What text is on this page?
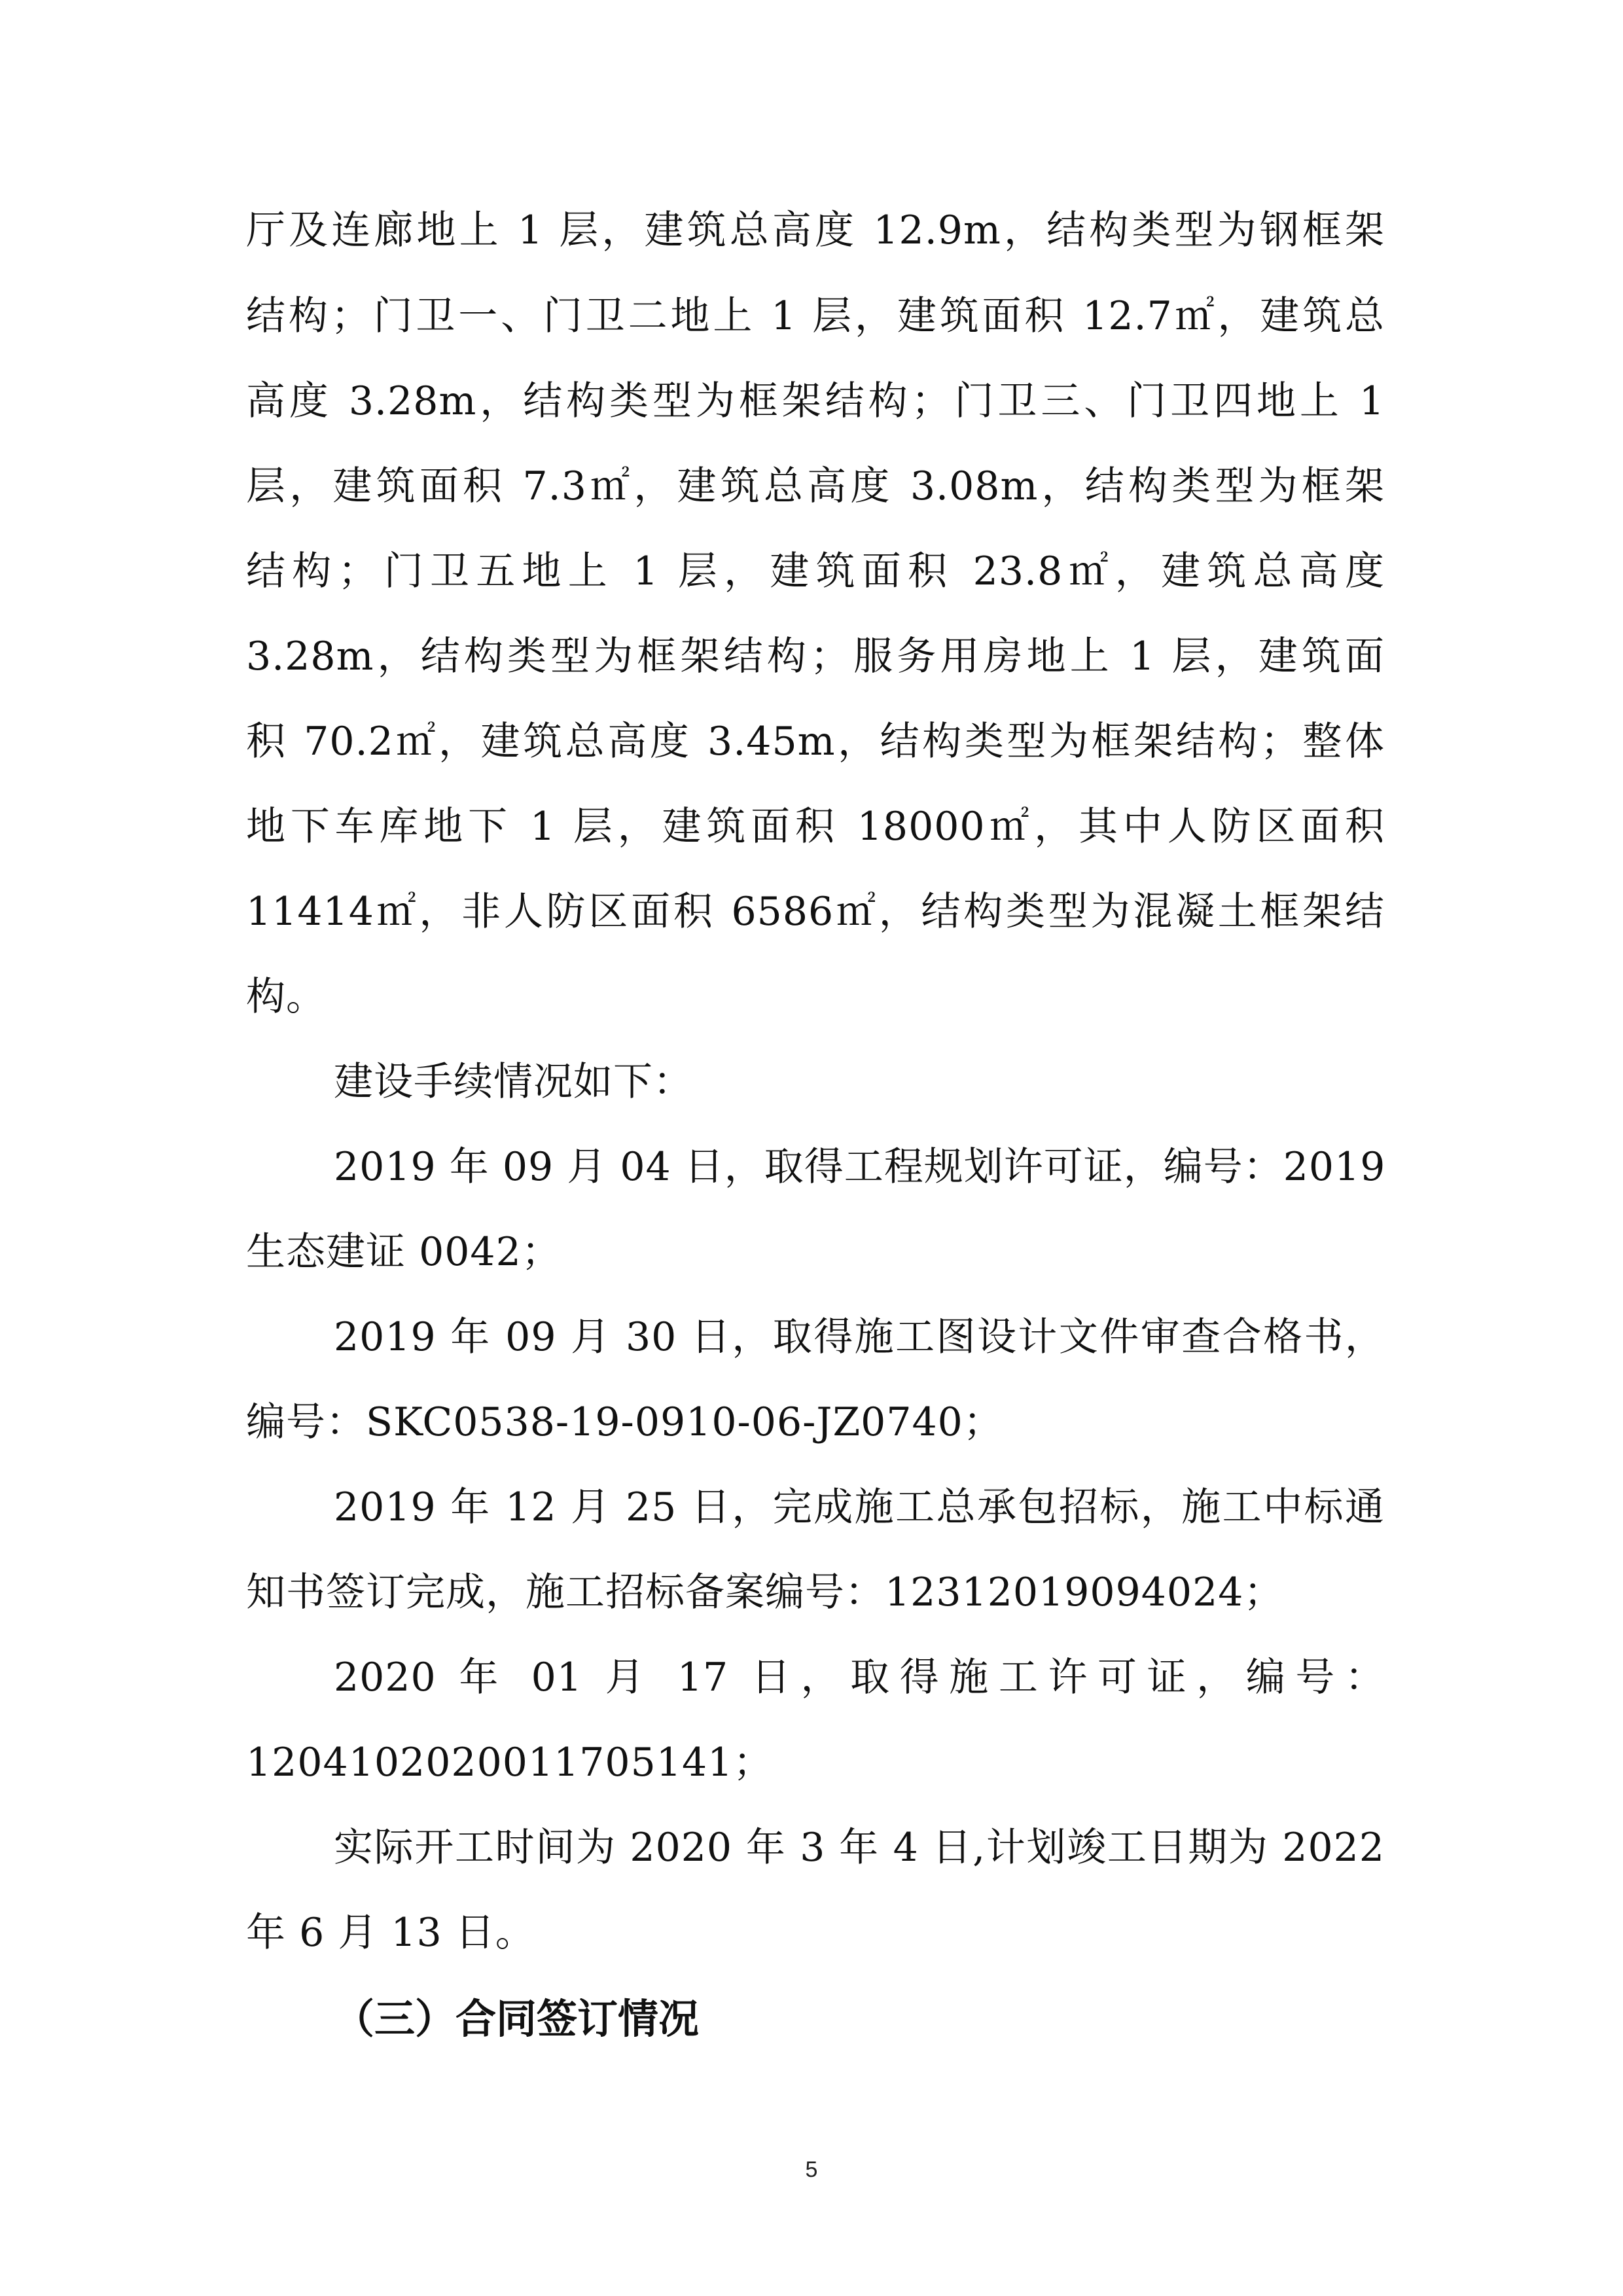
厅及连廊地上 1 层，建筑总高度 12.9m，结构类型为钢框架
结构；门卫一、门卫二地上 1 层，建筑面积 12.7㎡，建筑总
高度 3.28m，结构类型为框架结构；门卫三、门卫四地上 1
层，建筑面积 7.3㎡，建筑总高度 3.08m，结构类型为框架
结构；门卫五地上 1 层，建筑面积 23.8㎡，建筑总高度
3.28m，结构类型为框架结构；服务用房地上 1 层，建筑面
积 70.2㎡，建筑总高度 3.45m，结构类型为框架结构；整体
地下车库地下 1 层，建筑面积 18000㎡，其中人防区面积
11414㎡，非人防区面积 6586㎡，结构类型为混凝土框架结
构。
建设手续情况如下：
2019 年 09 月 04 日，取得工程规划许可证，编号：2019
生态建证 0042；
2019 年 09 月 30 日，取得施工图设计文件审查合格书，
编号：SKC0538-19-0910-06-JZ0740；
2019 年 12 月 25 日，完成施工总承包招标，施工中标通
知书签订完成，施工招标备案编号：12312019094024；
2020 年 01 月 17 日，取得施工许可证，编号：
1204102020011705141；
实际开工时间为 2020 年 3 年 4 日,计划竣工日期为 2022
年 6 月 13 日。
（三）合同签订情况
5
